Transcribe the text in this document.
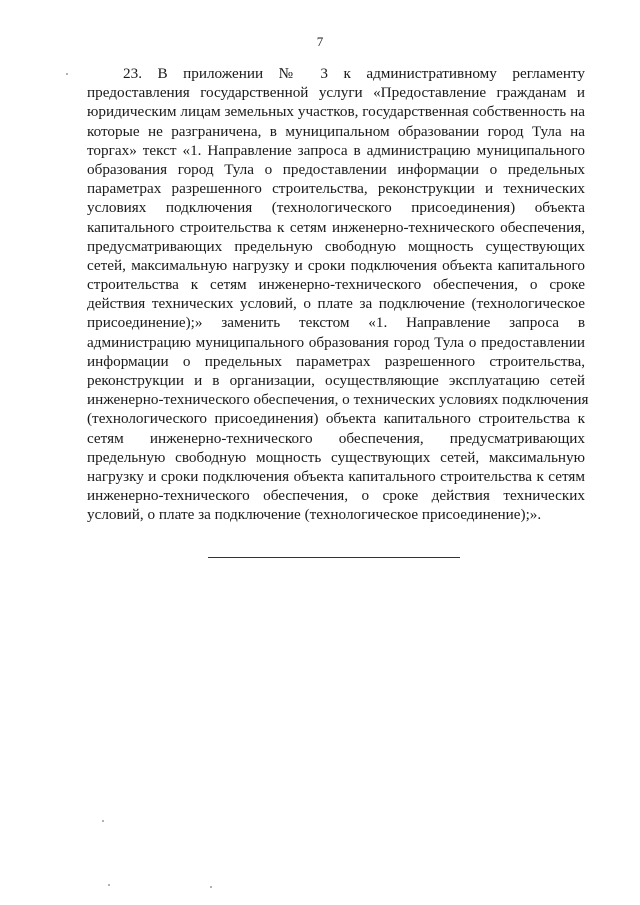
7
23. В приложении № 3 к административному регламенту
предоставления государственной услуги «Предоставление гражданам и
юридическим лицам земельных участков, государственная собственность на
которые не разграничена, в муниципальном образовании город Тула на
торгах» текст «1. Направление запроса в администрацию муниципального
образования город Тула о предоставлении информации о предельных
параметрах разрешенного строительства, реконструкции и технических
условиях подключения (технологического присоединения) объекта
капитального строительства к сетям инженерно-технического обеспечения,
предусматривающих предельную свободную мощность существующих
сетей, максимальную нагрузку и сроки подключения объекта капитального
строительства к сетям инженерно-технического обеспечения, о сроке
действия технических условий, о плате за подключение (технологическое
присоединение);» заменить текстом «1. Направление запроса в
администрацию муниципального образования город Тула о предоставлении
информации о предельных параметрах разрешенного строительства,
реконструкции и в организации, осуществляющие эксплуатацию сетей
инженерно-технического обеспечения, о технических условиях подключения
(технологического присоединения) объекта капитального строительства к
сетям инженерно-технического обеспечения, предусматривающих
предельную свободную мощность существующих сетей, максимальную
нагрузку и сроки подключения объекта капитального строительства к сетям
инженерно-технического обеспечения, о сроке действия технических
условий, о плате за подключение (технологическое присоединение);».
